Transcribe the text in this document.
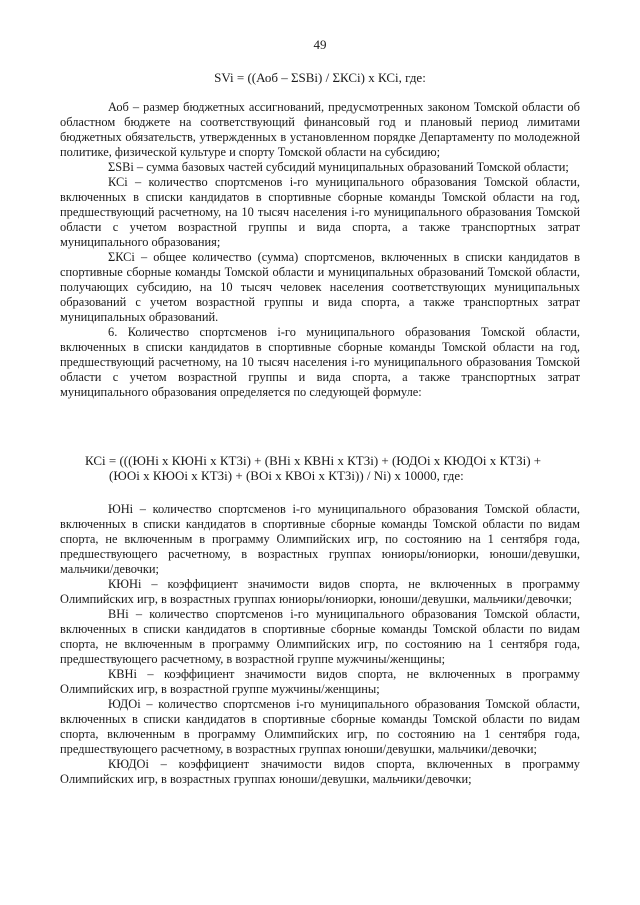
49
SVi = ((Аоб – ΣSBi) / ΣКСi) х КСi, где:

Аоб – размер бюджетных ассигнований, предусмотренных законом Томской области об областном бюджете на соответствующий финансовый год и плановый период лимитами бюджетных обязательств, утвержденных в установленном порядке Департаменту по молодежной политике, физической культуре и спорту Томской области на субсидию;

ΣSBi – сумма базовых частей субсидий муниципальных образований Томской области;

КСi – количество спортсменов i-го муниципального образования Томской области, включенных в списки кандидатов в спортивные сборные команды Томской области на год, предшествующий расчетному, на 10 тысяч населения i-го муниципального образования Томской области с учетом возрастной группы и вида спорта, а также транспортных затрат муниципального образования;

ΣКСi – общее количество (сумма) спортсменов, включенных в списки кандидатов в спортивные сборные команды Томской области и муниципальных образований Томской области, получающих субсидию, на 10 тысяч человек населения соответствующих муниципальных образований с учетом возрастной группы и вида спорта, а также транспортных затрат муниципальных образований.

6. Количество спортсменов i-го муниципального образования Томской области, включенных в списки кандидатов в спортивные сборные команды Томской области на год, предшествующий расчетному, на 10 тысяч населения i-го муниципального образования Томской области с учетом возрастной группы и вида спорта, а также транспортных затрат муниципального образования определяется по следующей формуле:

КСi = (((ЮНi х КЮНi х КТЗi) + (ВНi х КВНi х КТЗi) + (ЮДОi х КЮДОi х КТЗi) +
(ЮОi х КЮОi х КТЗi) + (ВОi х КВОi х КТЗi)) / Ni) х 10000, где:

ЮНi – количество спортсменов i-го муниципального образования Томской области, включенных в списки кандидатов в спортивные сборные команды Томской области по видам спорта, не включенным в программу Олимпийских игр, по состоянию на 1 сентября года, предшествующего расчетному, в возрастных группах юниоры/юниорки, юноши/девушки, мальчики/девочки;

КЮНi – коэффициент значимости видов спорта, не включенных в программу Олимпийских игр, в возрастных группах юниоры/юниорки, юноши/девушки, мальчики/девочки;

ВНi – количество спортсменов i-го муниципального образования Томской области, включенных в списки кандидатов в спортивные сборные команды Томской области по видам спорта, не включенным в программу Олимпийских игр, по состоянию на 1 сентября года, предшествующего расчетному, в возрастной группе мужчины/женщины;

КВНi – коэффициент значимости видов спорта, не включенных в программу Олимпийских игр, в возрастной группе мужчины/женщины;

ЮДОi – количество спортсменов i-го муниципального образования Томской области, включенных в списки кандидатов в спортивные сборные команды Томской области по видам спорта, включенным в программу Олимпийских игр, по состоянию на 1 сентября года, предшествующего расчетному, в возрастных группах юноши/девушки, мальчики/девочки;

КЮДОi – коэффициент значимости видов спорта, включенных в программу Олимпийских игр, в возрастных группах юноши/девушки, мальчики/девочки;
